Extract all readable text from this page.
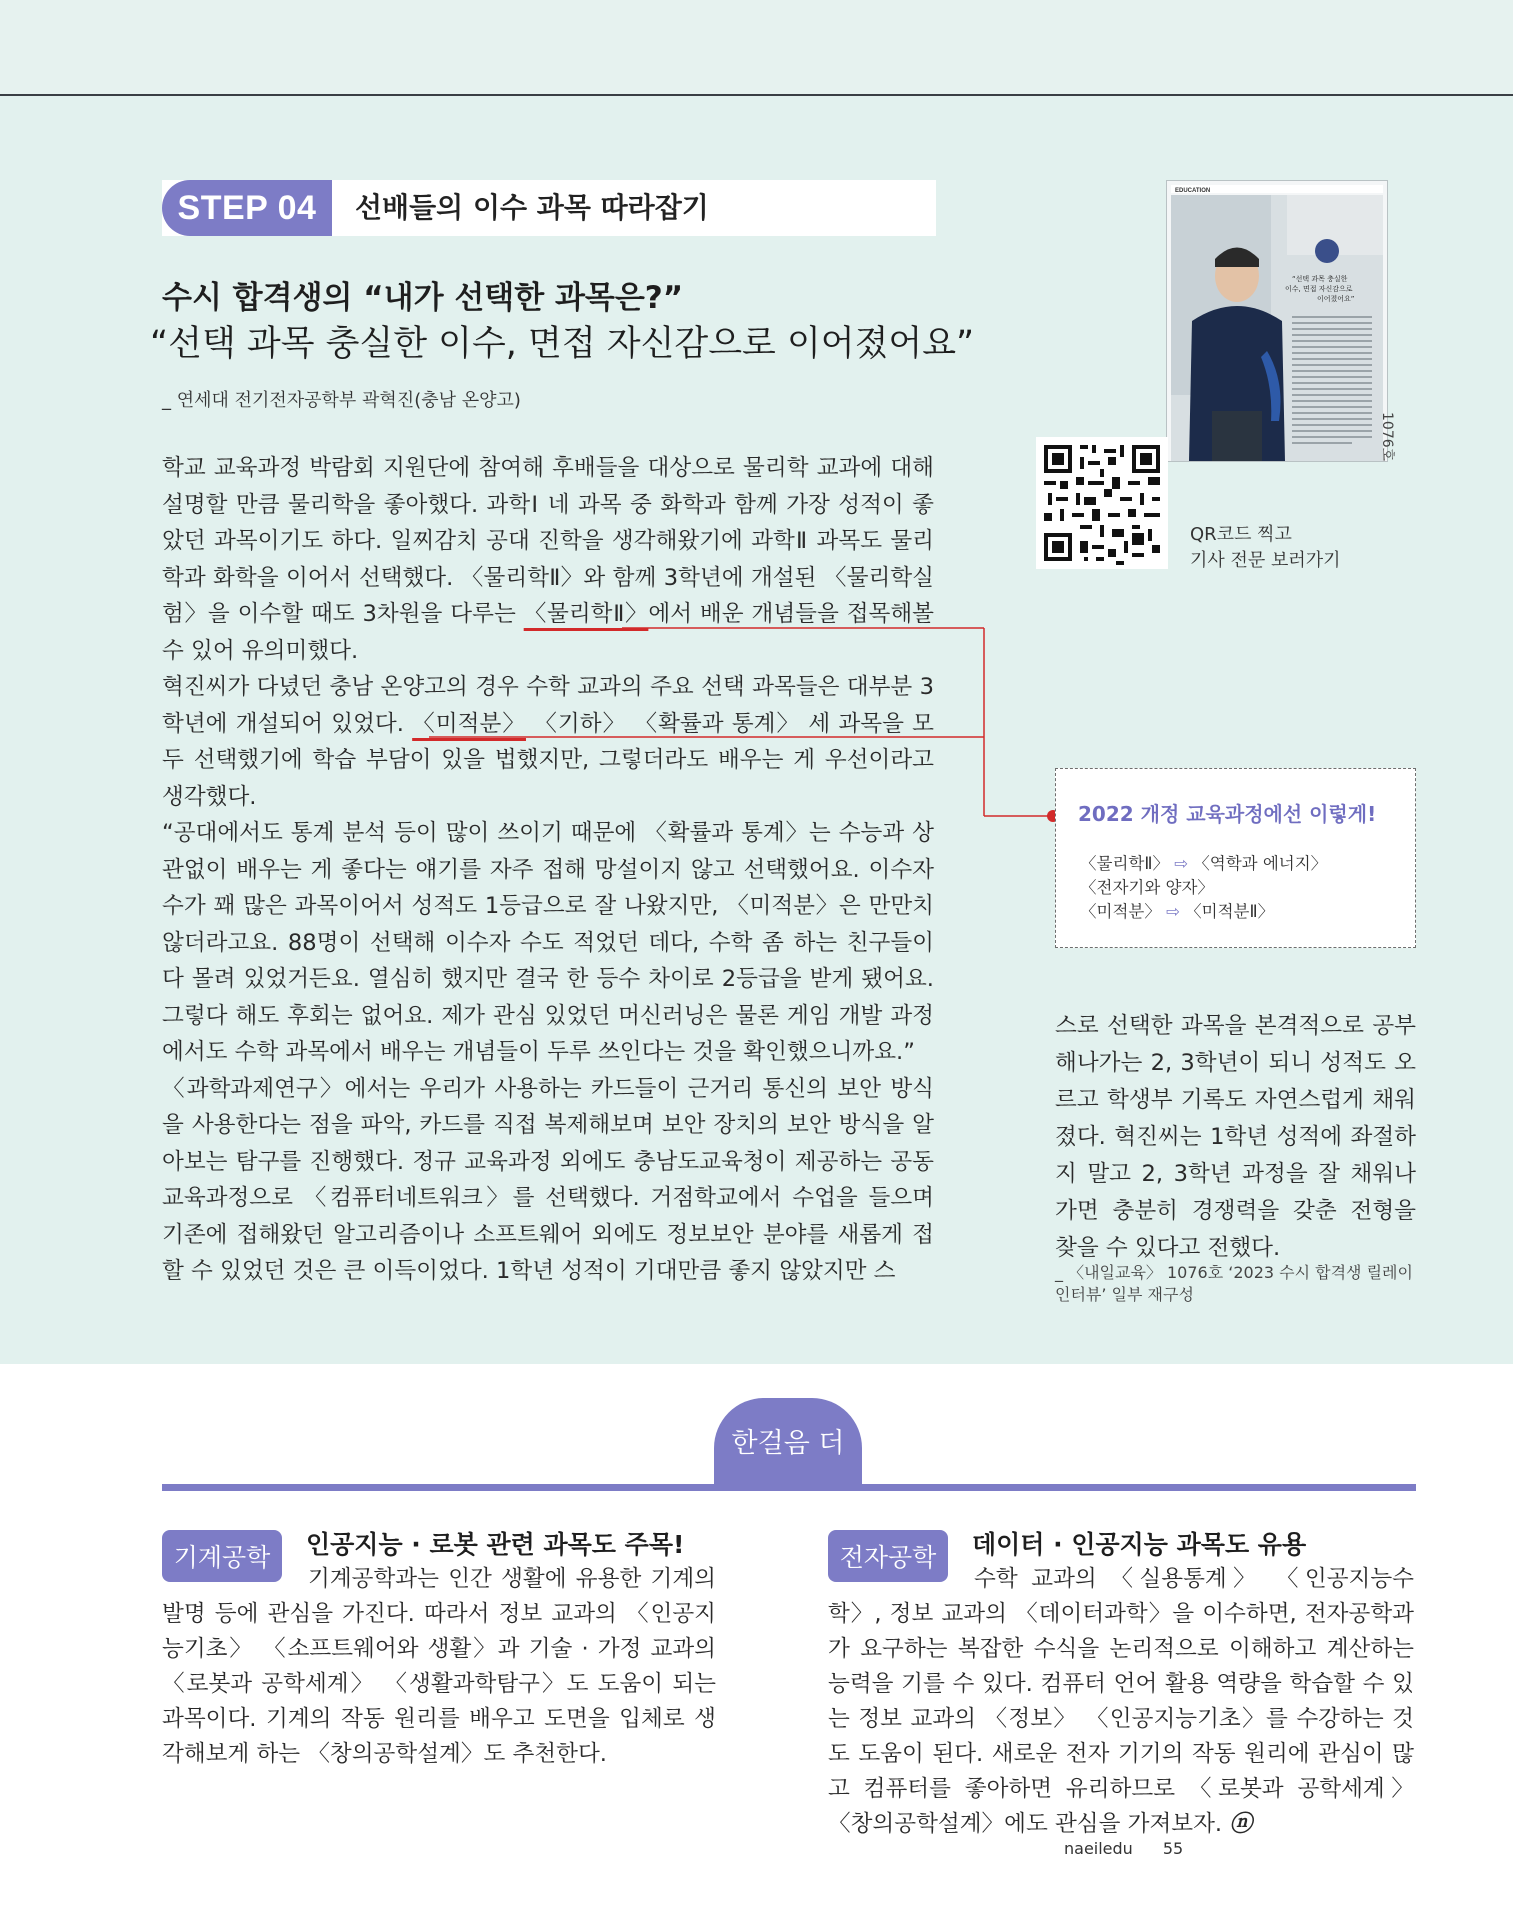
STEP 04	선배들의 이수 과목 따라잡기
수시 합격생의 “내가 선택한 과목은?”
“선택 과목 충실한 이수, 면접 자신감으로 이어졌어요”
_ 연세대 전기전자공학부 곽혁진(충남 온양고)

학교 교육과정 박람회 지원단에 참여해 후배들을 대상으로 물리학 교과에 대해 설명할 만큼 물리학을 좋아했다. 과학Ⅰ 네 과목 중 화학과 함께 가장 성적이 좋았던 과목이기도 하다. 일찌감치 공대 진학을 생각해왔기에 과학Ⅱ 과목도 물리학과 화학을 이어서 선택했다. 〈물리학Ⅱ〉와 함께 3학년에 개설된 〈물리학실험〉을 이수할 때도 3차원을 다루는 〈물리학Ⅱ〉에서 배운 개념들을 접목해볼 수 있어 유의미했다.

혁진씨가 다녔던 충남 온양고의 경우 수학 교과의 주요 선택 과목들은 대부분 3학년에 개설되어 있었다. 〈미적분〉 〈기하〉 〈확률과 통계〉 세 과목을 모두 선택했기에 학습 부담이 있을 법했지만, 그렇더라도 배우는 게 우선이라고 생각했다.

“공대에서도 통계 분석 등이 많이 쓰이기 때문에 〈확률과 통계〉는 수능과 상관없이 배우는 게 좋다는 얘기를 자주 접해 망설이지 않고 선택했어요. 이수자 수가 꽤 많은 과목이어서 성적도 1등급으로 잘 나왔지만, 〈미적분〉은 만만치 않더라고요. 88명이 선택해 이수자 수도 적었던 데다, 수학 좀 하는 친구들이 다 몰려 있었거든요. 열심히 했지만 결국 한 등수 차이로 2등급을 받게 됐어요. 그렇다 해도 후회는 없어요. 제가 관심 있었던 머신러닝은 물론 게임 개발 과정에서도 수학 과목에서 배우는 개념들이 두루 쓰인다는 것을 확인했으니까요.”

〈과학과제연구〉에서는 우리가 사용하는 카드들이 근거리 통신의 보안 방식을 사용한다는 점을 파악, 카드를 직접 복제해보며 보안 장치의 보안 방식을 알아보는 탐구를 진행했다. 정규 교육과정 외에도 충남도교육청이 제공하는 공동 교육과정으로 〈컴퓨터네트워크〉를 선택했다. 거점학교에서 수업을 들으며 기존에 접해왔던 알고리즘이나 소프트웨어 외에도 정보보안 분야를 새롭게 접할 수 있었던 것은 큰 이득이었다. 1학년 성적이 기대만큼 좋지 않았지만 스

EDUCATION
“선택 과목 충실한
이수, 면접 자신감으로
이어졌어요”
1076호
QR코드 찍고
기사 전문 보러가기
2022 개정 교육과정에선 이렇게!
〈물리학Ⅱ〉 ⇨ 〈역학과 에너지〉
〈전자기와 양자〉
〈미적분〉 ⇨ 〈미적분Ⅱ〉
스로 선택한 과목을 본격적으로 공부해나가는 2, 3학년이 되니 성적도 오르고 학생부 기록도 자연스럽게 채워졌다. 혁진씨는 1학년 성적에 좌절하지 말고 2, 3학년 과정을 잘 채워나가면 충분히 경쟁력을 갖춘 전형을 찾을 수 있다고 전했다.
_ 〈내일교육〉 1076호 ‘2023 수시 합격생 릴레이 인터뷰’ 일부 재구성
한걸음 더
기계공학	인공지능 · 로봇 관련 과목도 주목!
기계공학과는 인간 생활에 유용한 기계의 발명 등에 관심을 가진다. 따라서 정보 교과의 〈인공지능기초〉 〈소프트웨어와 생활〉과 기술 · 가정 교과의 〈로봇과 공학세계〉 〈생활과학탐구〉도 도움이 되는 과목이다. 기계의 작동 원리를 배우고 도면을 입체로 생각해보게 하는 〈창의공학설계〉도 추천한다.
전자공학	데이터 · 인공지능 과목도 유용
수학 교과의 〈실용통계〉 〈인공지능수학〉, 정보 교과의 〈데이터과학〉을 이수하면, 전자공학과가 요구하는 복잡한 수식을 논리적으로 이해하고 계산하는 능력을 기를 수 있다. 컴퓨터 언어 활용 역량을 학습할 수 있는 정보 교과의 〈정보〉 〈인공지능기초〉를 수강하는 것도 도움이 된다. 새로운 전자 기기의 작동 원리에 관심이 많고 컴퓨터를 좋아하면 유리하므로 〈로봇과 공학세계〉 〈창의공학설계〉에도 관심을 가져보자. ⓝ
naeiledu 55
